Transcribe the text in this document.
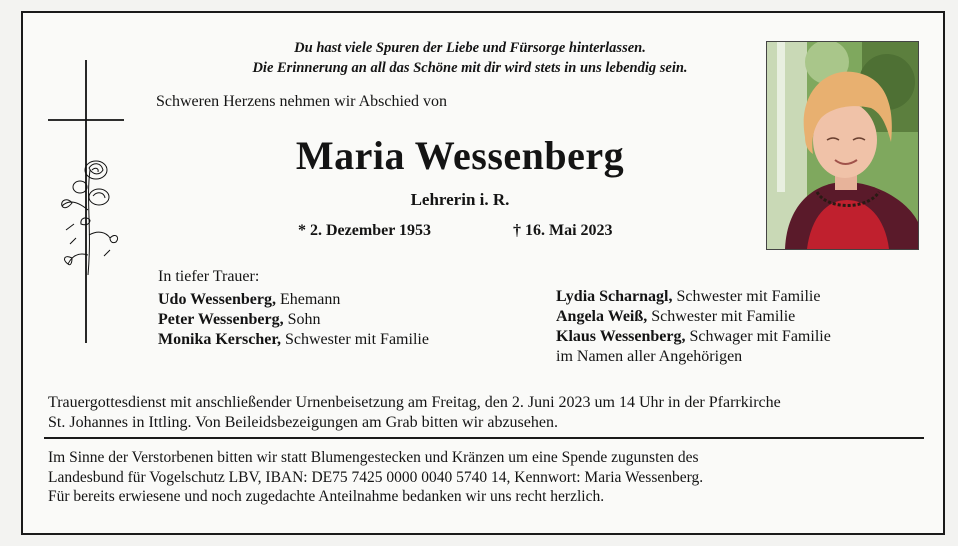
Du hast viele Spuren der Liebe und Fürsorge hinterlassen.
Die Erinnerung an all das Schöne mit dir wird stets in uns lebendig sein.
Schweren Herzens nehmen wir Abschied von
Maria Wessenberg
Lehrerin i. R.
* 2. Dezember 1953	† 16. Mai 2023
In tiefer Trauer:
Udo Wessenberg, Ehemann
Peter Wessenberg, Sohn
Monika Kerscher, Schwester mit Familie
Lydia Scharnagl, Schwester mit Familie
Angela Weiß, Schwester mit Familie
Klaus Wessenberg, Schwager mit Familie
im Namen aller Angehörigen
Trauergottesdienst mit anschließender Urnenbeisetzung am Freitag, den 2. Juni 2023 um 14 Uhr in der Pfarrkirche
St. Johannes in Ittling. Von Beileidsbezeigungen am Grab bitten wir abzusehen.
Im Sinne der Verstorbenen bitten wir statt Blumengestecken und Kränzen um eine Spende zugunsten des
Landesbund für Vogelschutz LBV, IBAN: DE75 7425 0000 0040 5740 14, Kennwort: Maria Wessenberg.
Für bereits erwiesene und noch zugedachte Anteilnahme bedanken wir uns recht herzlich.
